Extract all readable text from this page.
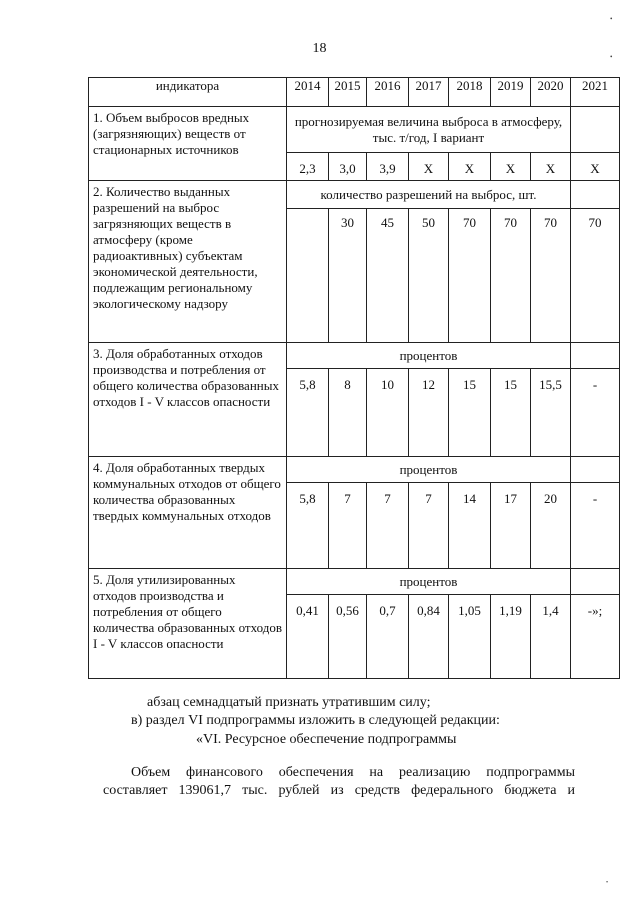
18
•
•
•
индикатора	2014	2015	2016	2017	2018	2019	2020	2021
1. Объем выбросов вредных (загрязняющих) веществ от стационарных источников	прогнозируемая величина выброса в атмосферу, тыс. т/год, I вариант							
	2,3	3,0	3,9	Х	Х	Х	Х	Х
2. Количество выданных разрешений на выброс загрязняющих веществ в атмосферу (кроме радиоактивных) субъектам экономической деятельности, подлежащим региональному экологическому надзору	количество разрешений на выброс, шт.							
		30	45	50	70	70	70	70
3. Доля обработанных отходов производства и потребления от общего количества образованных отходов I - V классов опасности	процентов							
	5,8	8	10	12	15	15	15,5	-
4. Доля обработанных твердых коммунальных отходов от общего количества образованных твердых коммунальных отходов	процентов							
	5,8	7	7	7	14	17	20	-
5. Доля утилизированных отходов производства и потребления от общего количества образованных отходов I - V классов опасности	процентов							
	0,41	0,56	0,7	0,84	1,05	1,19	1,4	-»;
абзац семнадцатый признать утратившим силу;
в) раздел VI подпрограммы изложить в следующей редакции:
«VI. Ресурсное обеспечение подпрограммы
Объем финансового обеспечения на реализацию подпрограммы
составляет 139061,7 тыс. рублей из средств федерального бюджета и
